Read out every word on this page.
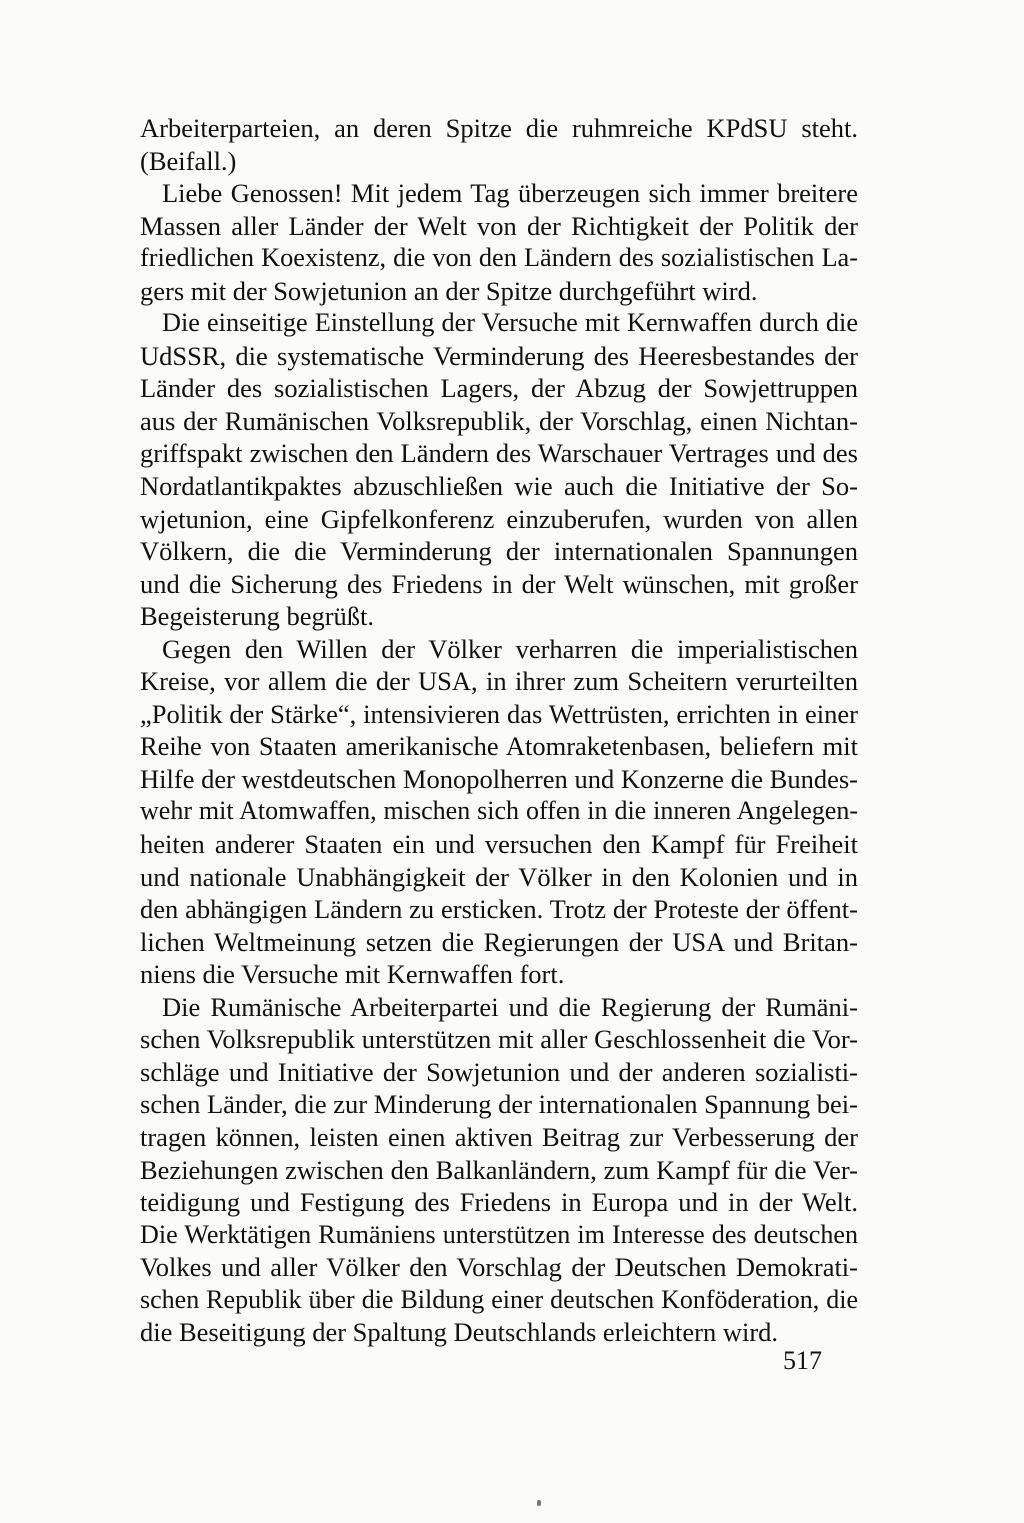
Arbeiterparteien, an deren Spitze die ruhmreiche KPdSU steht.
(Beifall.)
Liebe Genossen! Mit jedem Tag überzeugen sich immer breitere
Massen aller Länder der Welt von der Richtigkeit der Politik der
friedlichen Koexistenz, die von den Ländern des sozialistischen La-
gers mit der Sowjetunion an der Spitze durchgeführt wird.
Die einseitige Einstellung der Versuche mit Kernwaffen durch die
UdSSR, die systematische Verminderung des Heeresbestandes der
Länder des sozialistischen Lagers, der Abzug der Sowjettruppen
aus der Rumänischen Volksrepublik, der Vorschlag, einen Nichtan-
griffspakt zwischen den Ländern des Warschauer Vertrages und des
Nordatlantikpaktes abzuschließen wie auch die Initiative der So-
wjetunion, eine Gipfelkonferenz einzuberufen, wurden von allen
Völkern, die die Verminderung der internationalen Spannungen
und die Sicherung des Friedens in der Welt wünschen, mit großer
Begeisterung begrüßt.
Gegen den Willen der Völker verharren die imperialistischen
Kreise, vor allem die der USA, in ihrer zum Scheitern verurteilten
„Politik der Stärke“, intensivieren das Wettrüsten, errichten in einer
Reihe von Staaten amerikanische Atomraketenbasen, beliefern mit
Hilfe der westdeutschen Monopolherren und Konzerne die Bundes-
wehr mit Atomwaffen, mischen sich offen in die inneren Angelegen-
heiten anderer Staaten ein und versuchen den Kampf für Freiheit
und nationale Unabhängigkeit der Völker in den Kolonien und in
den abhängigen Ländern zu ersticken. Trotz der Proteste der öffent-
lichen Weltmeinung setzen die Regierungen der USA und Britan-
niens die Versuche mit Kernwaffen fort.
Die Rumänische Arbeiterpartei und die Regierung der Rumäni-
schen Volksrepublik unterstützen mit aller Geschlossenheit die Vor-
schläge und Initiative der Sowjetunion und der anderen sozialisti-
schen Länder, die zur Minderung der internationalen Spannung bei-
tragen können, leisten einen aktiven Beitrag zur Verbesserung der
Beziehungen zwischen den Balkanländern, zum Kampf für die Ver-
teidigung und Festigung des Friedens in Europa und in der Welt.
Die Werktätigen Rumäniens unterstützen im Interesse des deutschen
Volkes und aller Völker den Vorschlag der Deutschen Demokrati-
schen Republik über die Bildung einer deutschen Konföderation, die
die Beseitigung der Spaltung Deutschlands erleichtern wird.
517
